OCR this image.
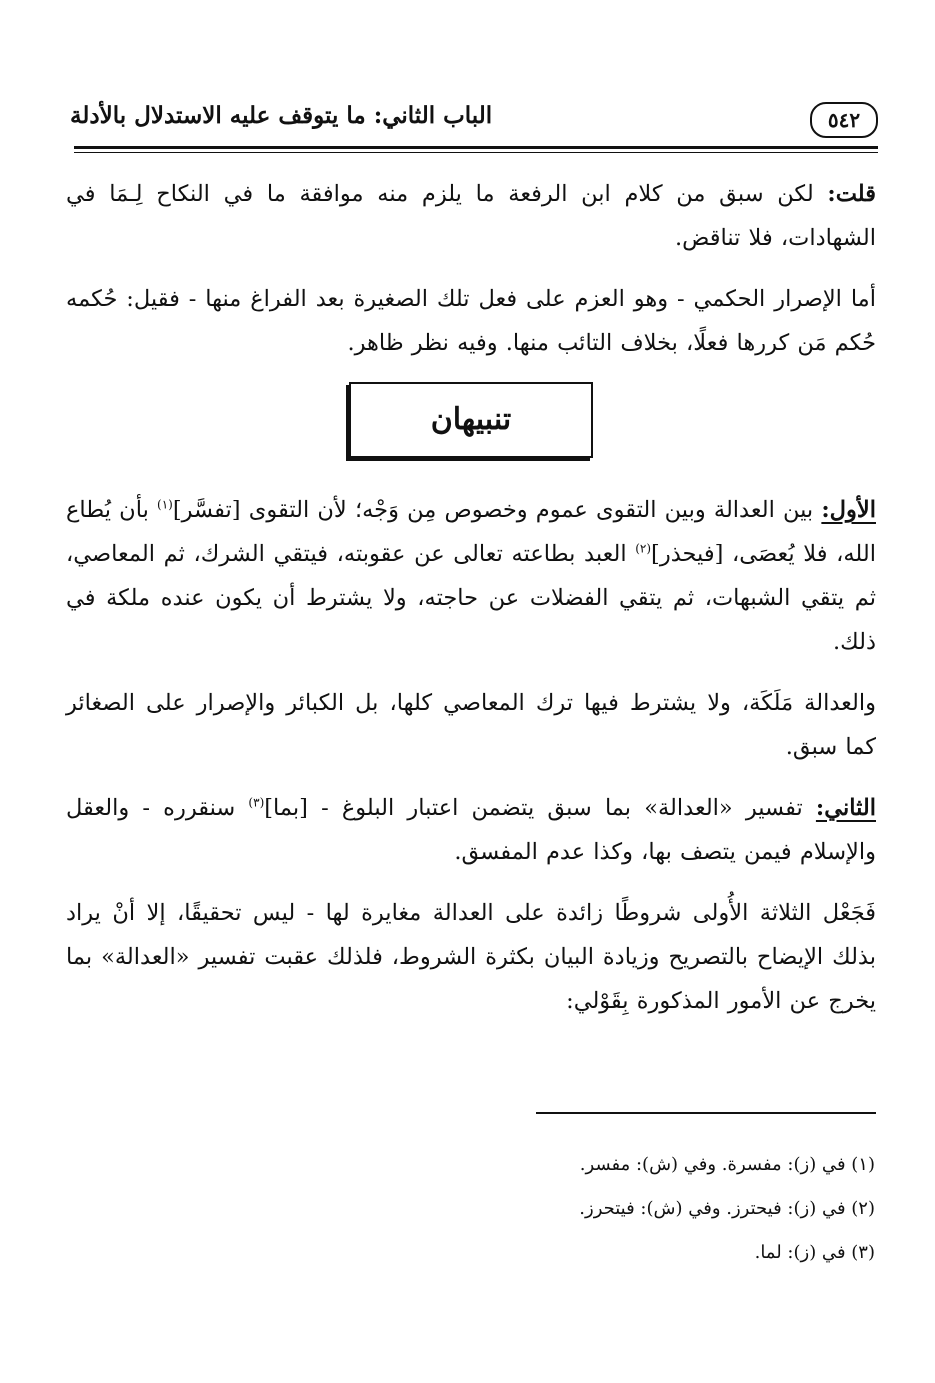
٥٤٢
الباب الثاني: ما يتوقف عليه الاستدلال بالأدلة

قلت: لكن سبق من كلام ابن الرفعة ما يلزم منه موافقة ما في النكاح لِـمَا في الشهادات، فلا تناقض.

أما الإصرار الحكمي - وهو العزم على فعل تلك الصغيرة بعد الفراغ منها - فقيل: حُكمه حُكم مَن كررها فعلًا، بخلاف التائب منها. وفيه نظر ظاهر.

تنبيهان

الأول: بين العدالة وبين التقوى عموم وخصوص مِن وَجْه؛ لأن التقوى [تفسَّر]$^{(١)}$ بأن يُطاع الله، فلا يُعصَى، [فيحذر]$^{(٢)}$ العبد بطاعته تعالى عن عقوبته، فيتقي الشرك، ثم المعاصي، ثم يتقي الشبهات، ثم يتقي الفضلات عن حاجته، ولا يشترط أن يكون عنده ملكة في ذلك.

والعدالة مَلَكَة، ولا يشترط فيها ترك المعاصي كلها، بل الكبائر والإصرار على الصغائر كما سبق.

الثاني: تفسير «العدالة» بما سبق يتضمن اعتبار البلوغ - [بما]$^{(٣)}$ سنقرره - والعقل والإسلام فيمن يتصف بها، وكذا عدم المفسق.

فَجَعْل الثلاثة الأُولى شروطًا زائدة على العدالة مغايرة لها - ليس تحقيقًا، إلا أنْ يراد بذلك الإيضاح بالتصريح وزيادة البيان بكثرة الشروط، فلذلك عقبت تفسير «العدالة» بما يخرج عن الأمور المذكورة بِقَوْلي:

(١) في (ز): مفسرة. وفي (ش): مفسر.
(٢) في (ز): فيحترز. وفي (ش): فيتحرز.
(٣) في (ز): لما.
